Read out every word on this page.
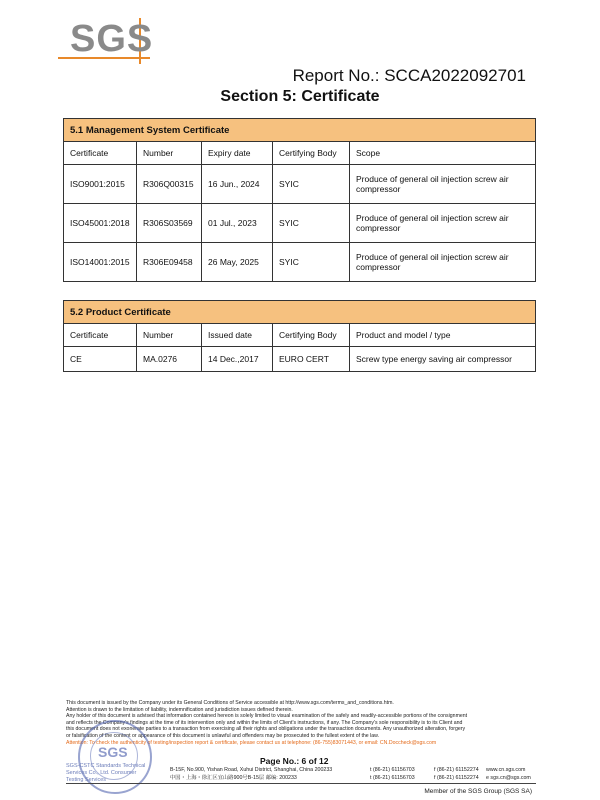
SGS
Report No.: SCCA2022092701
Section 5: Certificate
5.1 Management System Certificate				
Certificate	Number	Expiry date	Certifying Body	Scope
ISO9001:2015	R306Q00315	16 Jun., 2024	SYIC	Produce of general oil injection screw air compressor
ISO45001:2018	R306S03569	01 Jul., 2023	SYIC	Produce of general oil injection screw air compressor
ISO14001:2015	R306E09458	26 May, 2025	SYIC	Produce of general oil injection screw air compressor
5.2 Product Certificate				
Certificate	Number	Issued date	Certifying Body	Product and model / type
CE	MA.0276	14 Dec.,2017	EURO CERT	Screw type energy saving air compressor
This document is issued by the Company under its General Conditions of Service accessible at http://www.sgs.com/terms_and_conditions.htm.
Attention is drawn to the limitation of liability, indemnification and jurisdiction issues defined therein.
Any holder of this document is advised that information contained hereon is solely limited to visual examination of the safely and readily-accessible portions of the consignment
and reflects the Company's findings at the time of its intervention only and within the limits of Client's instructions, if any. The Company's sole responsibility is to its Client and
this document does not exonerate parties to a transaction from exercising all their rights and obligations under the transaction documents. Any unauthorized alteration, forgery
or falsification of the content or appearance of this document is unlawful and offenders may be prosecuted to the fullest extent of the law.
Attention: To check the authenticity of testing/inspection report & certificate, please contact us at telephone: (86-755)83071443, or email: CN.Doccheck@sgs.com
SGS
SGS-CSTC Standards Technical Services Co., Ltd. Consumer Testing Services
Page No.: 6 of 12
B-15F, No.900, Yishan Road, Xuhui District, Shanghai, China 200233
中国・上海・徐汇区宜山路900号B-15层 邮编: 200233
t (86-21) 61156703
t (86-21) 61156703
f (86-21) 61152274
f (86-21) 61152274
www.cn.sgs.com
e sgs.cn@sgs.com
Member of the SGS Group (SGS SA)
